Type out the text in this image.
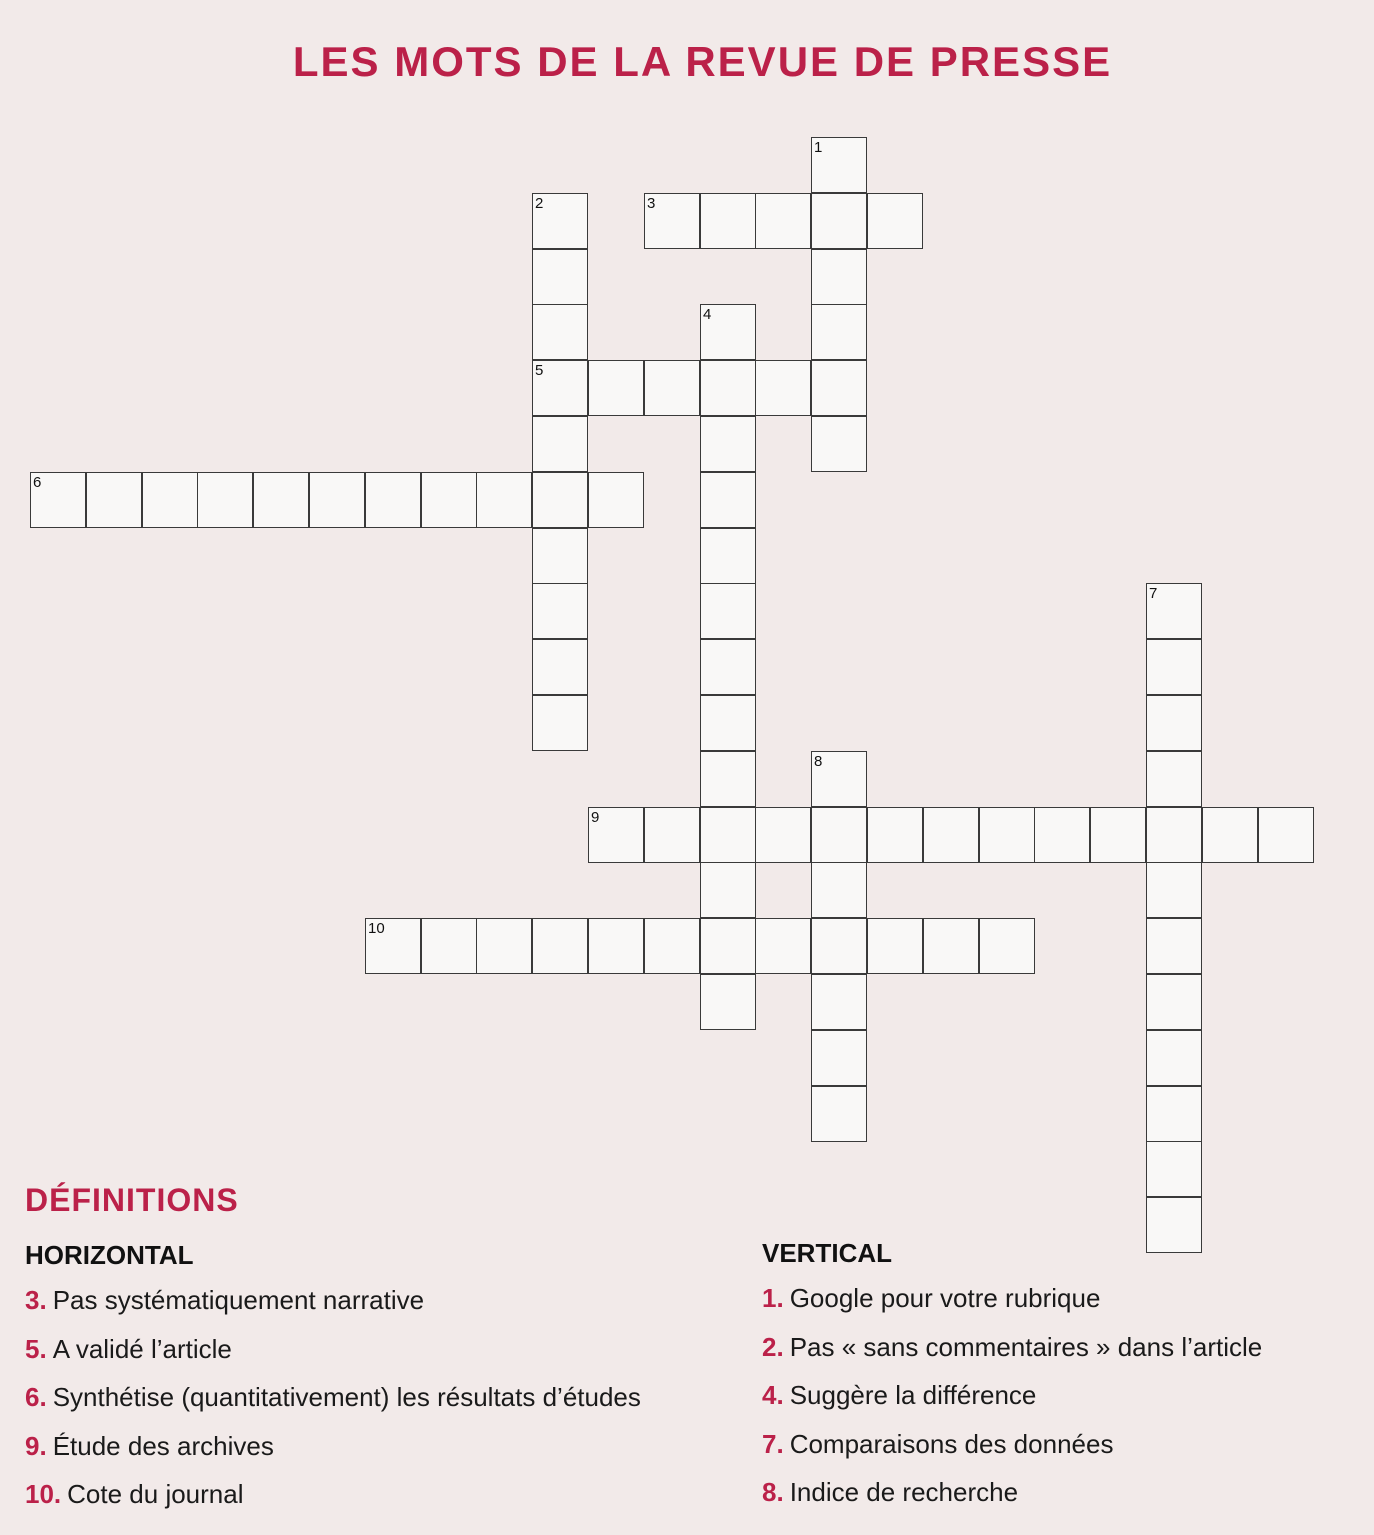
LES MOTS DE LA REVUE DE PRESSE
1
2
5
3
4
6
7
8
9
10
DÉFINITIONS
HORIZONTAL
3. Pas systématiquement narrative
5. A validé l’article
6. Synthétise (quantitativement) les résultats d’études
9. Étude des archives
10. Cote du journal
VERTICAL
1. Google pour votre rubrique
2. Pas « sans commentaires » dans l’article
4. Suggère la différence
7. Comparaisons des données
8. Indice de recherche
